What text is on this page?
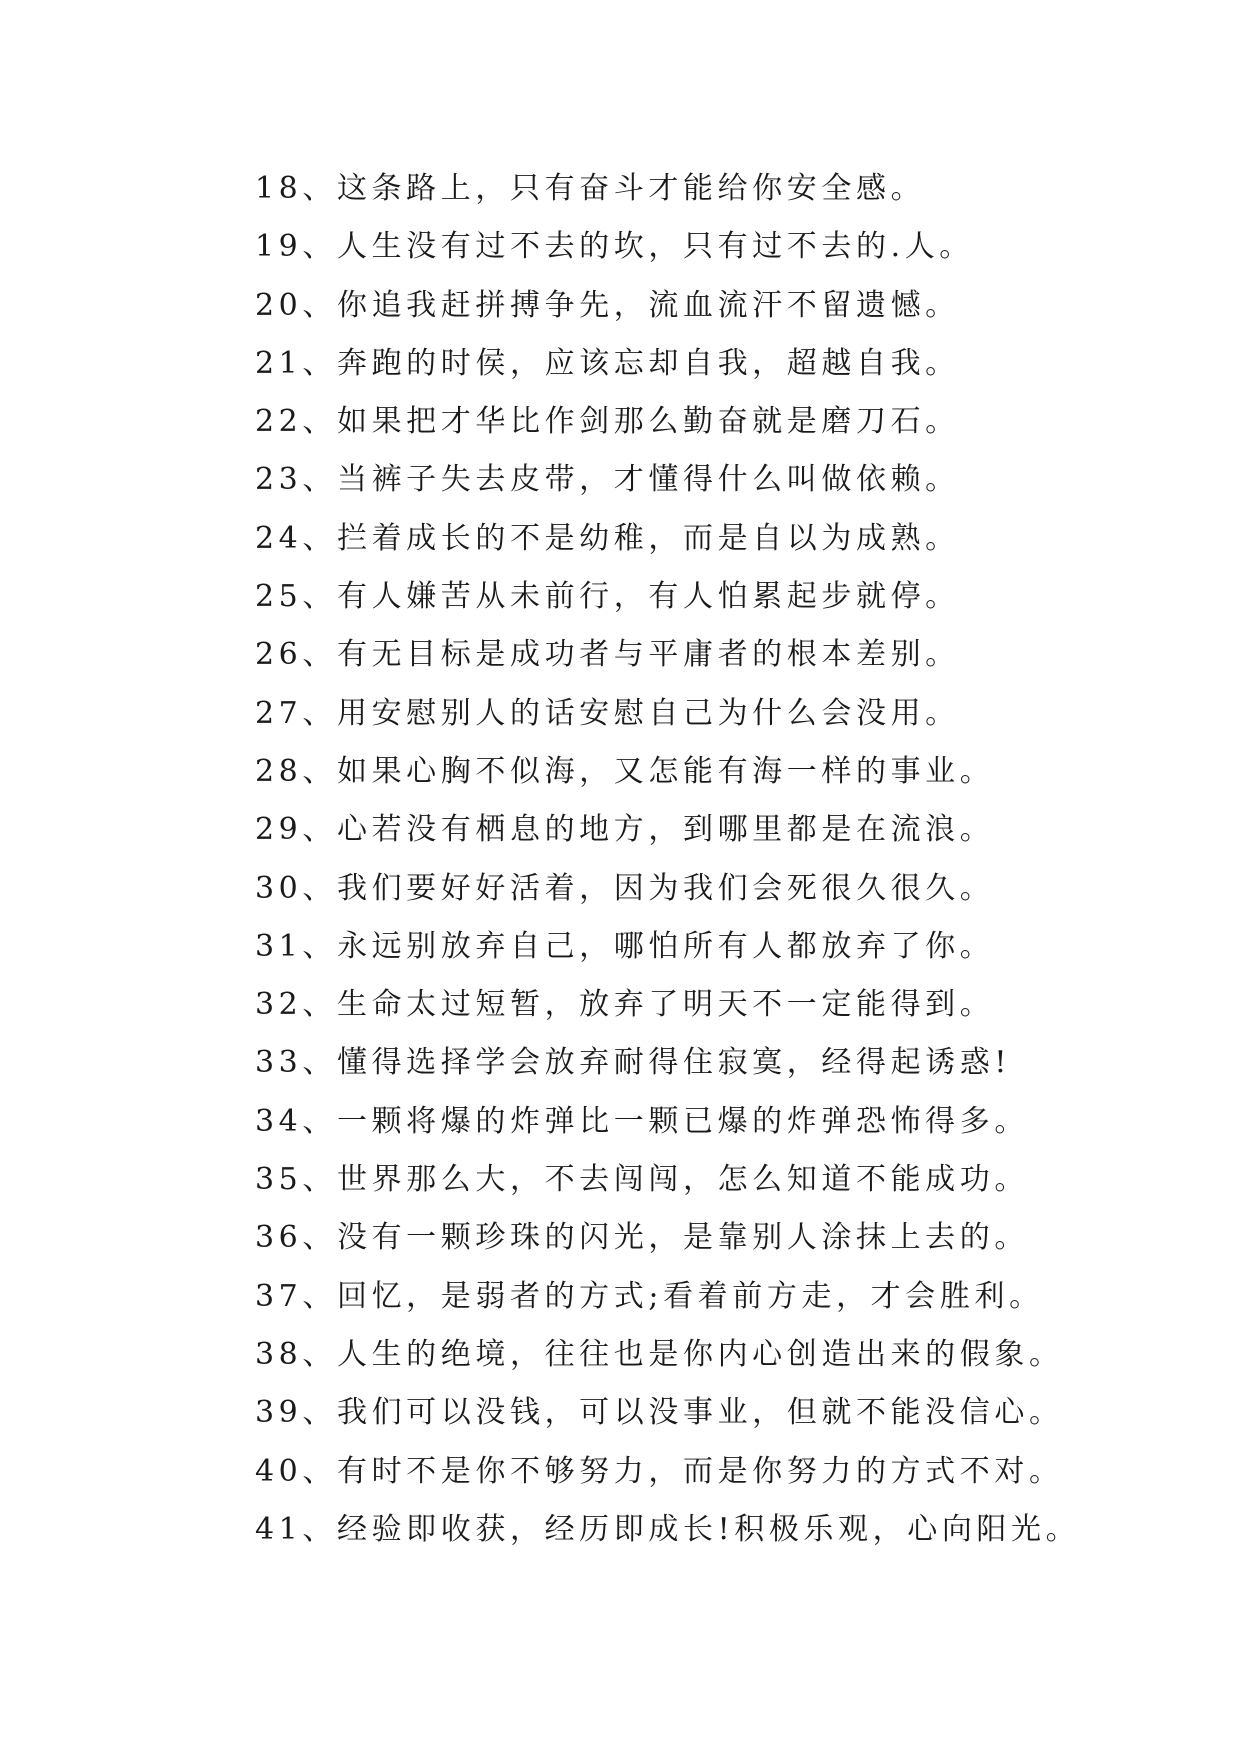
18、这条路上，只有奋斗才能给你安全感。
19、人生没有过不去的坎，只有过不去的.人。
20、你追我赶拼搏争先，流血流汗不留遗憾。
21、奔跑的时侯，应该忘却自我，超越自我。
22、如果把才华比作剑那么勤奋就是磨刀石。
23、当裤子失去皮带，才懂得什么叫做依赖。
24、拦着成长的不是幼稚，而是自以为成熟。
25、有人嫌苦从未前行，有人怕累起步就停。
26、有无目标是成功者与平庸者的根本差别。
27、用安慰别人的话安慰自己为什么会没用。
28、如果心胸不似海，又怎能有海一样的事业。
29、心若没有栖息的地方，到哪里都是在流浪。
30、我们要好好活着，因为我们会死很久很久。
31、永远别放弃自己，哪怕所有人都放弃了你。
32、生命太过短暂，放弃了明天不一定能得到。
33、懂得选择学会放弃耐得住寂寞，经得起诱惑!
34、一颗将爆的炸弹比一颗已爆的炸弹恐怖得多。
35、世界那么大，不去闯闯，怎么知道不能成功。
36、没有一颗珍珠的闪光，是靠别人涂抹上去的。
37、回忆，是弱者的方式;看着前方走，才会胜利。
38、人生的绝境，往往也是你内心创造出来的假象。
39、我们可以没钱，可以没事业，但就不能没信心。
40、有时不是你不够努力，而是你努力的方式不对。
41、经验即收获，经历即成长!积极乐观，心向阳光。
